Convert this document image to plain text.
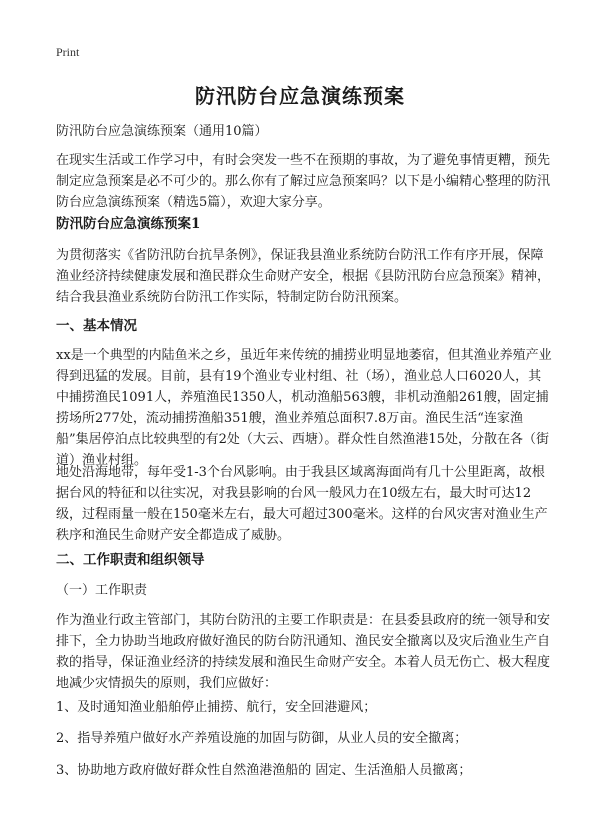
Print
防汛防台应急演练预案
防汛防台应急演练预案（通用10篇）
在现实生活或工作学习中，有时会突发一些不在预期的事故，为了避免事情更糟，预先制定应急预案是必不可少的。那么你有了解过应急预案吗？以下是小编精心整理的防汛防台应急演练预案（精选5篇），欢迎大家分享。
防汛防台应急演练预案1
为贯彻落实《省防汛防台抗旱条例》，保证我县渔业系统防台防汛工作有序开展，保障渔业经济持续健康发展和渔民群众生命财产安全，根据《县防汛防台应急预案》精神，结合我县渔业系统防台防汛工作实际，特制定防台防汛预案。
一、基本情况
xx是一个典型的内陆鱼米之乡，虽近年来传统的捕捞业明显地萎宿，但其渔业养殖产业得到迅猛的发展。目前，县有19个渔业专业村组、社（场），渔业总人口6020人，其中捕捞渔民1091人，养殖渔民1350人，机动渔船563艘，非机动渔船261艘，固定捕捞场所277处，流动捕捞渔船351艘，渔业养殖总面积7.8万亩。渔民生活“连家渔船”集居停泊点比较典型的有2处（大云、西塘）。群众性自然渔港15处，分散在各（街道）渔业村组。
地处沿海地带，每年受1-3个台风影响。由于我县区域离海面尚有几十公里距离，故根据台风的特征和以往实况，对我县影响的台风一般风力在10级左右，最大时可达12级，过程雨量一般在150毫米左右，最大可超过300毫米。这样的台风灾害对渔业生产秩序和渔民生命财产安全都造成了威胁。
二、工作职责和组织领导
（一）工作职责
作为渔业行政主管部门，其防台防汛的主要工作职责是：在县委县政府的统一领导和安排下，全力协助当地政府做好渔民的防台防汛通知、渔民安全撤离以及灾后渔业生产自救的指导，保证渔业经济的持续发展和渔民生命财产安全。本着人员无伤亡、极大程度地减少灾情损失的原则，我们应做好：
1、及时通知渔业船舶停止捕捞、航行，安全回港避风；
2、指导养殖户做好水产养殖设施的加固与防御，从业人员的安全撤离；
3、协助地方政府做好群众性自然渔港渔船的 固定、生活渔船人员撤离；
